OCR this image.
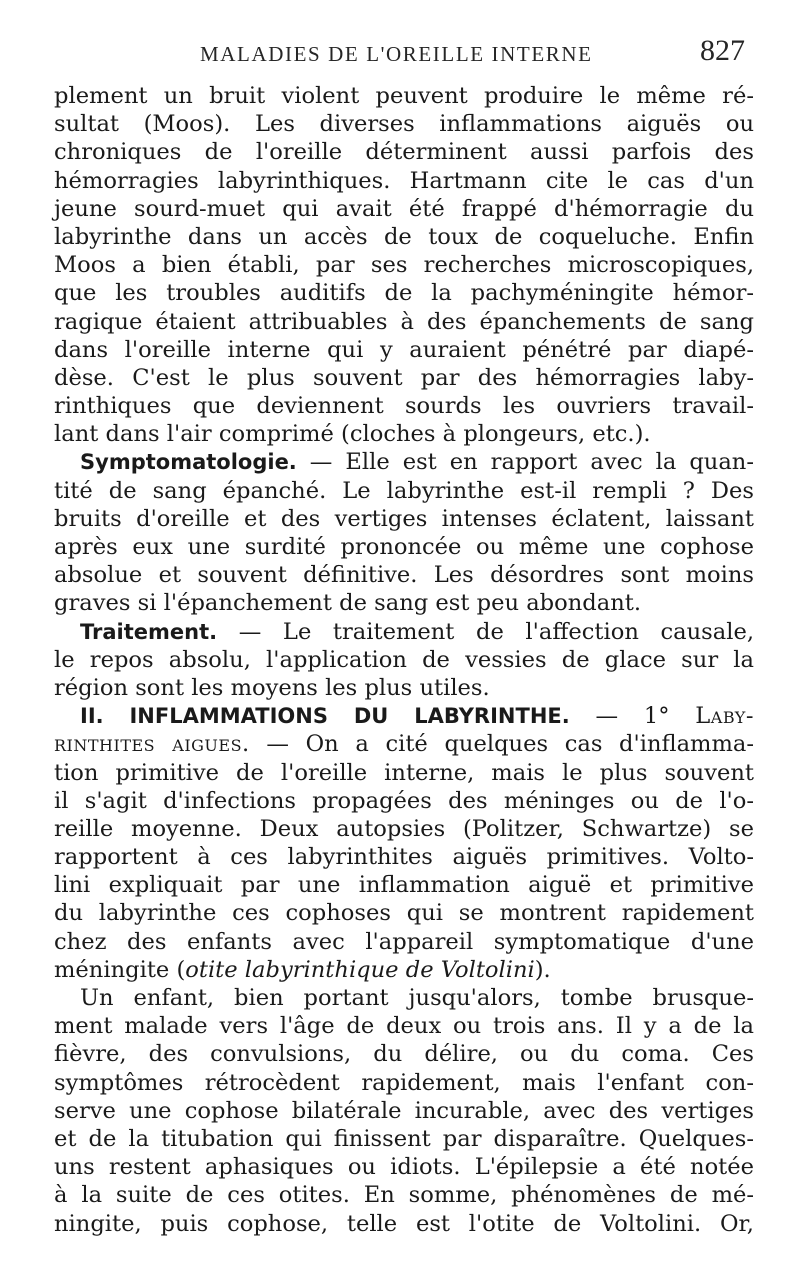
MALADIES DE L'OREILLE INTERNE	827
plement un bruit violent peuvent produire le même ré-
sultat (Moos). Les diverses inflammations aiguës ou
chroniques de l'oreille déterminent aussi parfois des
hémorragies labyrinthiques. Hartmann cite le cas d'un
jeune sourd-muet qui avait été frappé d'hémorragie du
labyrinthe dans un accès de toux de coqueluche. Enfin
Moos a bien établi, par ses recherches microscopiques,
que les troubles auditifs de la pachyméningite hémor-
ragique étaient attribuables à des épanchements de sang
dans l'oreille interne qui y auraient pénétré par diapé-
dèse. C'est le plus souvent par des hémorragies laby-
rinthiques que deviennent sourds les ouvriers travail-
lant dans l'air comprimé (cloches à plongeurs, etc.).
Symptomatologie. — Elle est en rapport avec la quan-
tité de sang épanché. Le labyrinthe est-il rempli ? Des
bruits d'oreille et des vertiges intenses éclatent, laissant
après eux une surdité prononcée ou même une cophose
absolue et souvent définitive. Les désordres sont moins
graves si l'épanchement de sang est peu abondant.
Traitement. — Le traitement de l'affection causale,
le repos absolu, l'application de vessies de glace sur la
région sont les moyens les plus utiles.
II. INFLAMMATIONS DU LABYRINTHE. — 1° Laby-
rinthites aigues. — On a cité quelques cas d'inflamma-
tion primitive de l'oreille interne, mais le plus souvent
il s'agit d'infections propagées des méninges ou de l'o-
reille moyenne. Deux autopsies (Politzer, Schwartze) se
rapportent à ces labyrinthites aiguës primitives. Volto-
lini expliquait par une inflammation aiguë et primitive
du labyrinthe ces cophoses qui se montrent rapidement
chez des enfants avec l'appareil symptomatique d'une
méningite (otite labyrinthique de Voltolini).
Un enfant, bien portant jusqu'alors, tombe brusque-
ment malade vers l'âge de deux ou trois ans. Il y a de la
fièvre, des convulsions, du délire, ou du coma. Ces
symptômes rétrocèdent rapidement, mais l'enfant con-
serve une cophose bilatérale incurable, avec des vertiges
et de la titubation qui finissent par disparaître. Quelques-
uns restent aphasiques ou idiots. L'épilepsie a été notée
à la suite de ces otites. En somme, phénomènes de mé-
ningite, puis cophose, telle est l'otite de Voltolini. Or,
